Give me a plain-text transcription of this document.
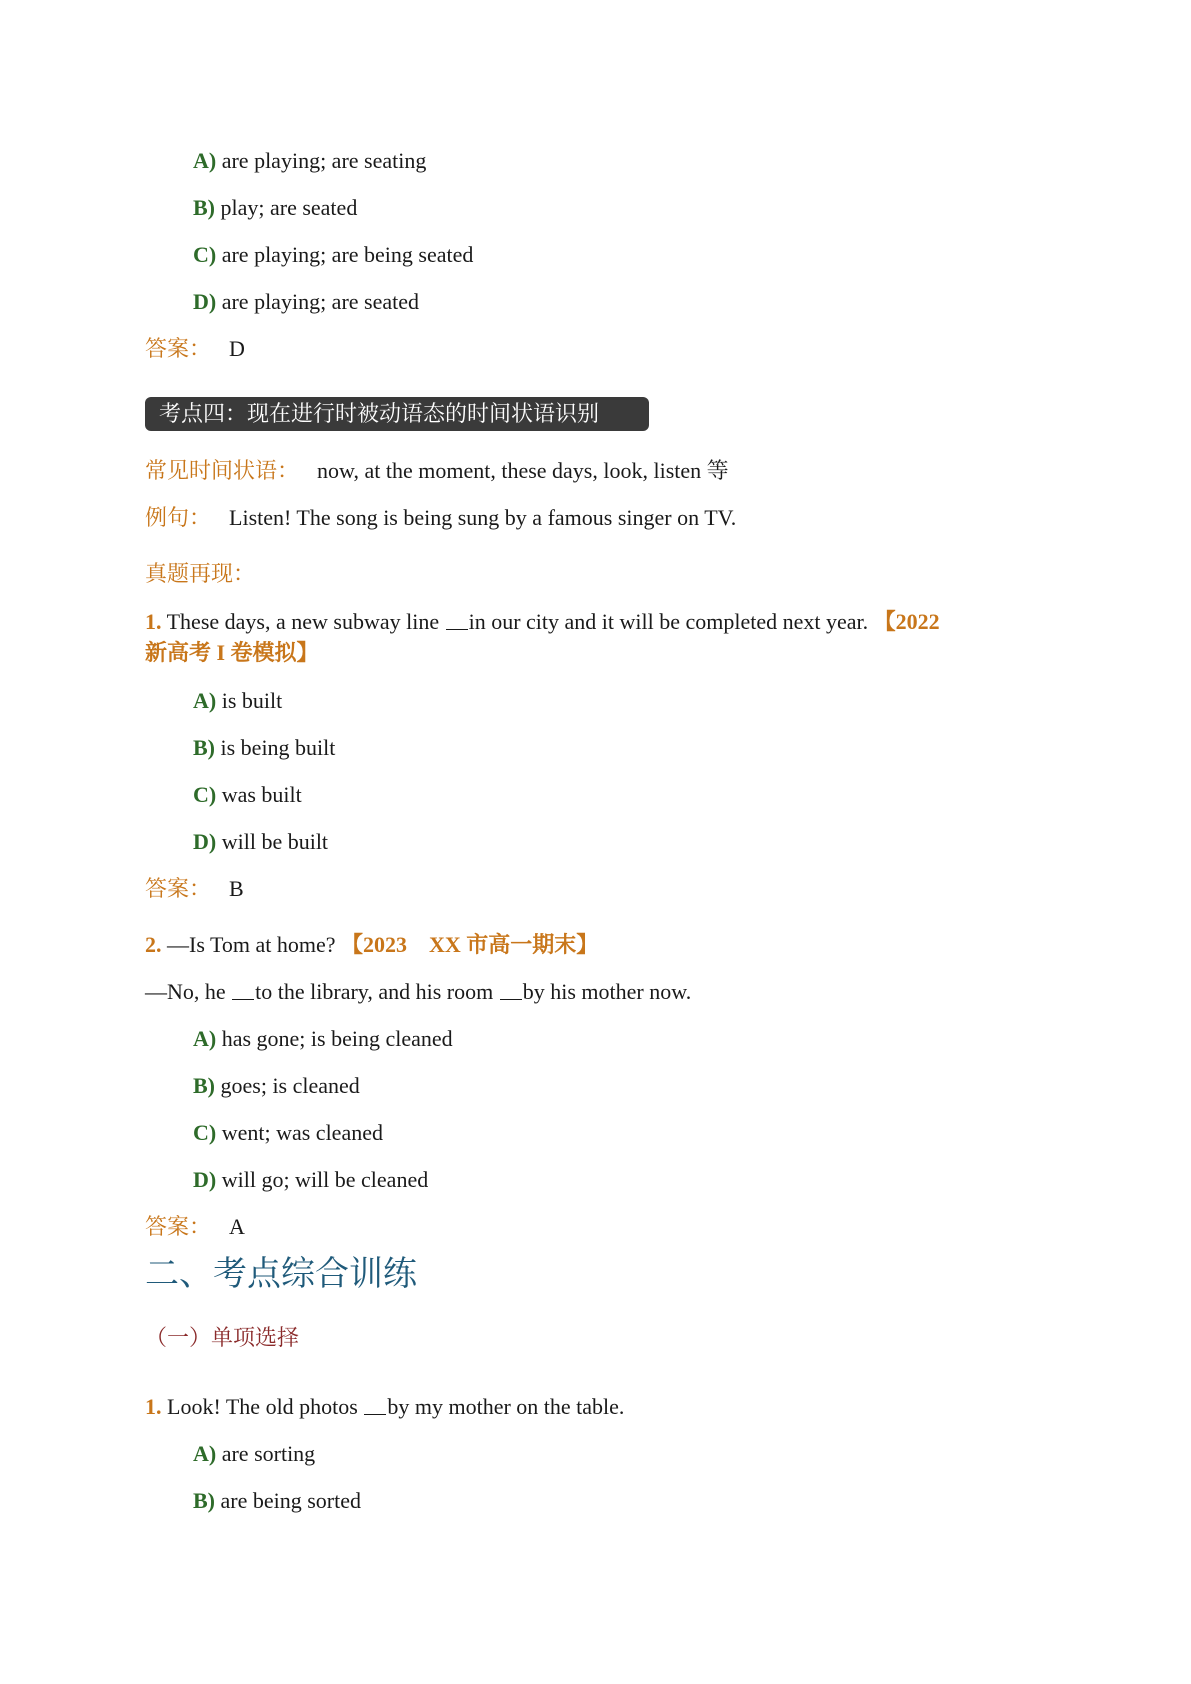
A) are playing; are seating
B) play; are seated
C) are playing; are being seated
D) are playing; are seated
答案： D
考点四：现在进行时被动语态的时间状语识别
常见时间状语： now, at the moment, these days, look, listen 等
例句： Listen! The song is being sung by a famous singer on TV.
真题再现：
1. These days, a new subway line in our city and it will be completed next year. 【2022
新高考 I 卷模拟】
A) is built
B) is being built
C) was built
D) will be built
答案： B
2. —Is Tom at home? 【2023　XX 市高一期末】
—No, he to the library, and his room by his mother now.
A) has gone; is being cleaned
B) goes; is cleaned
C) went; was cleaned
D) will go; will be cleaned
答案： A
二、考点综合训练
（一）单项选择
1. Look! The old photos by my mother on the table.
A) are sorting
B) are being sorted
